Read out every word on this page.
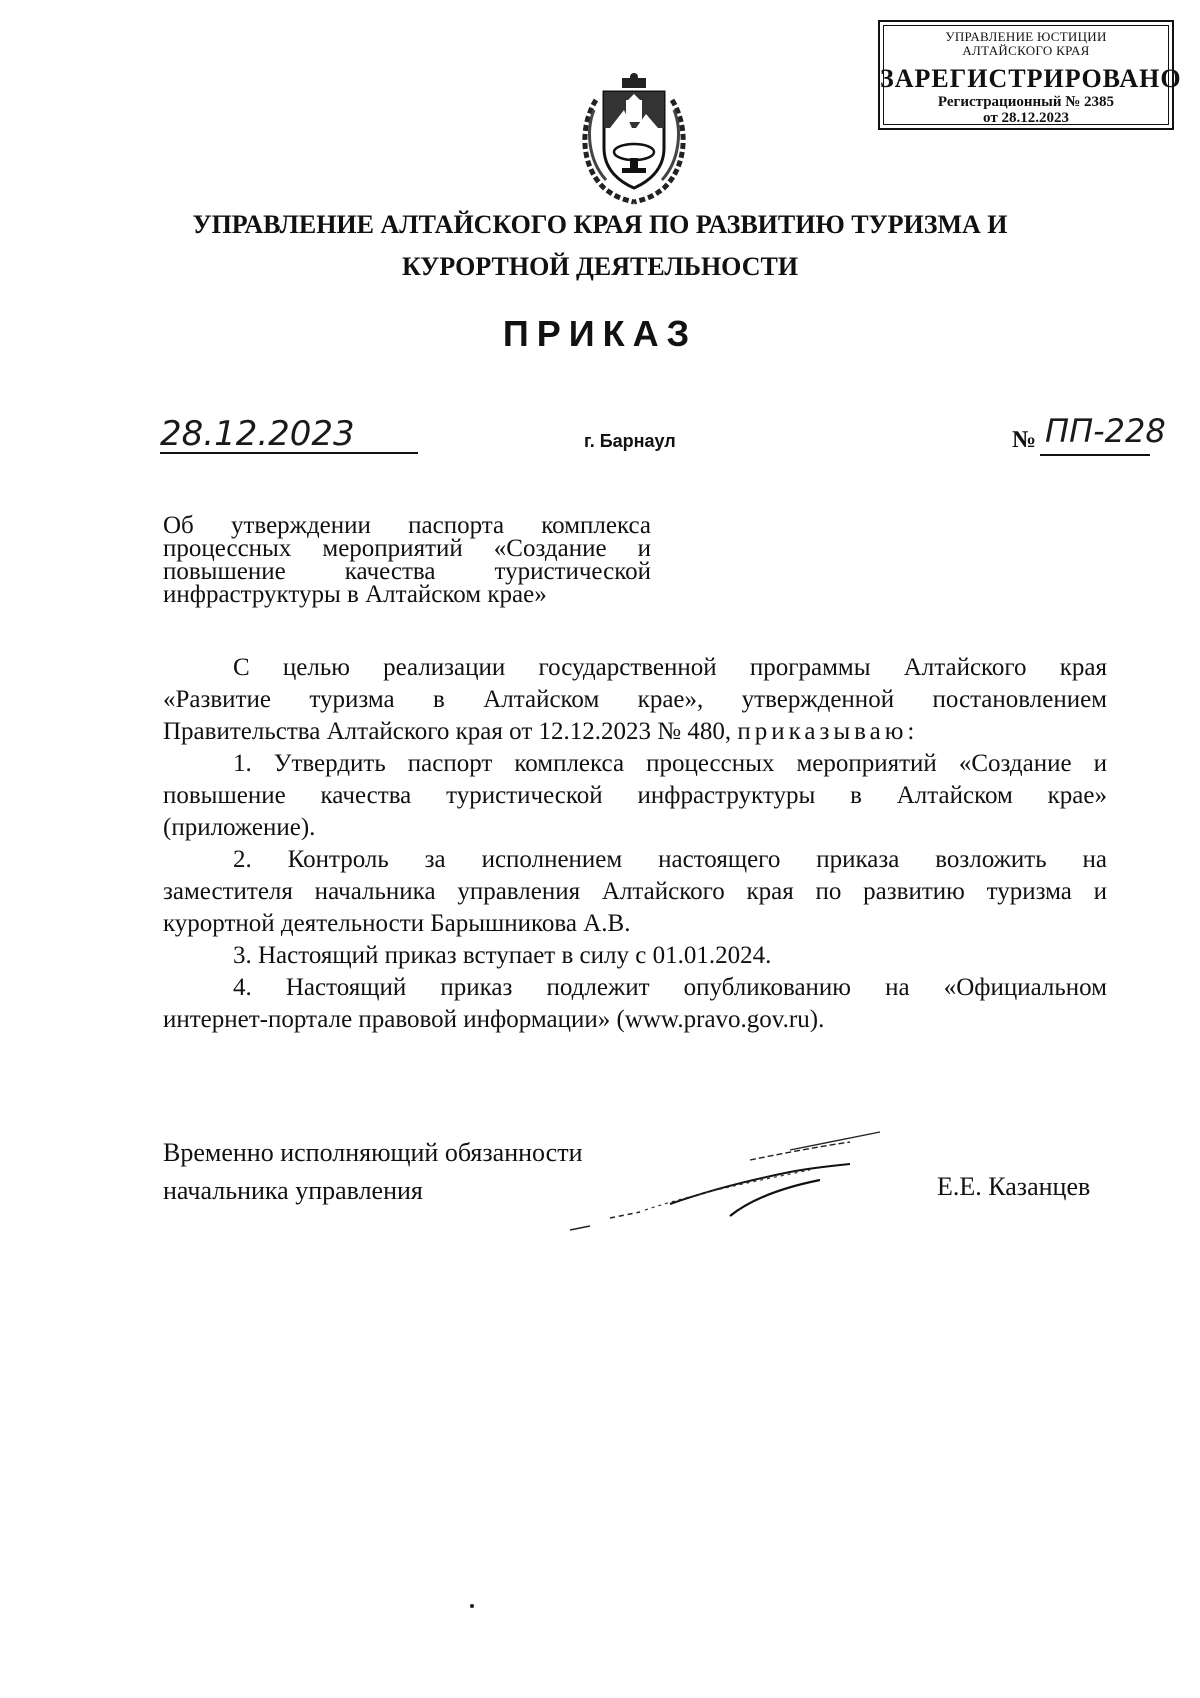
УПРАВЛЕНИЕ ЮСТИЦИИ
АЛТАЙСКОГО КРАЯ
ЗАРЕГИСТРИРОВАНО
Регистрационный № 2385
от 28.12.2023
УПРАВЛЕНИЕ АЛТАЙСКОГО КРАЯ ПО РАЗВИТИЮ ТУРИЗМА И
КУРОРТНОЙ ДЕЯТЕЛЬНОСТИ
ПРИКАЗ
28.12.2023	г. Барнаул	№ ПП-228
Об утверждении паспорта комплекса
процессных мероприятий «Создание и
повышение качества туристической
инфраструктуры в Алтайском крае»
С целью реализации государственной программы Алтайского края
«Развитие туризма в Алтайском крае», утвержденной постановлением
Правительства Алтайского края от 12.12.2023 № 480, приказываю:
1. Утвердить паспорт комплекса процессных мероприятий «Создание и
повышение качества туристической инфраструктуры в Алтайском крае»
(приложение).
2. Контроль за исполнением настоящего приказа возложить на
заместителя начальника управления Алтайского края по развитию туризма и
курортной деятельности Барышникова А.В.
3. Настоящий приказ вступает в силу с 01.01.2024.
4. Настоящий приказ подлежит опубликованию на «Официальном
интернет-портале правовой информации» (www.pravo.gov.ru).
Временно исполняющий обязанности
начальника управления	Е.Е. Казанцев
